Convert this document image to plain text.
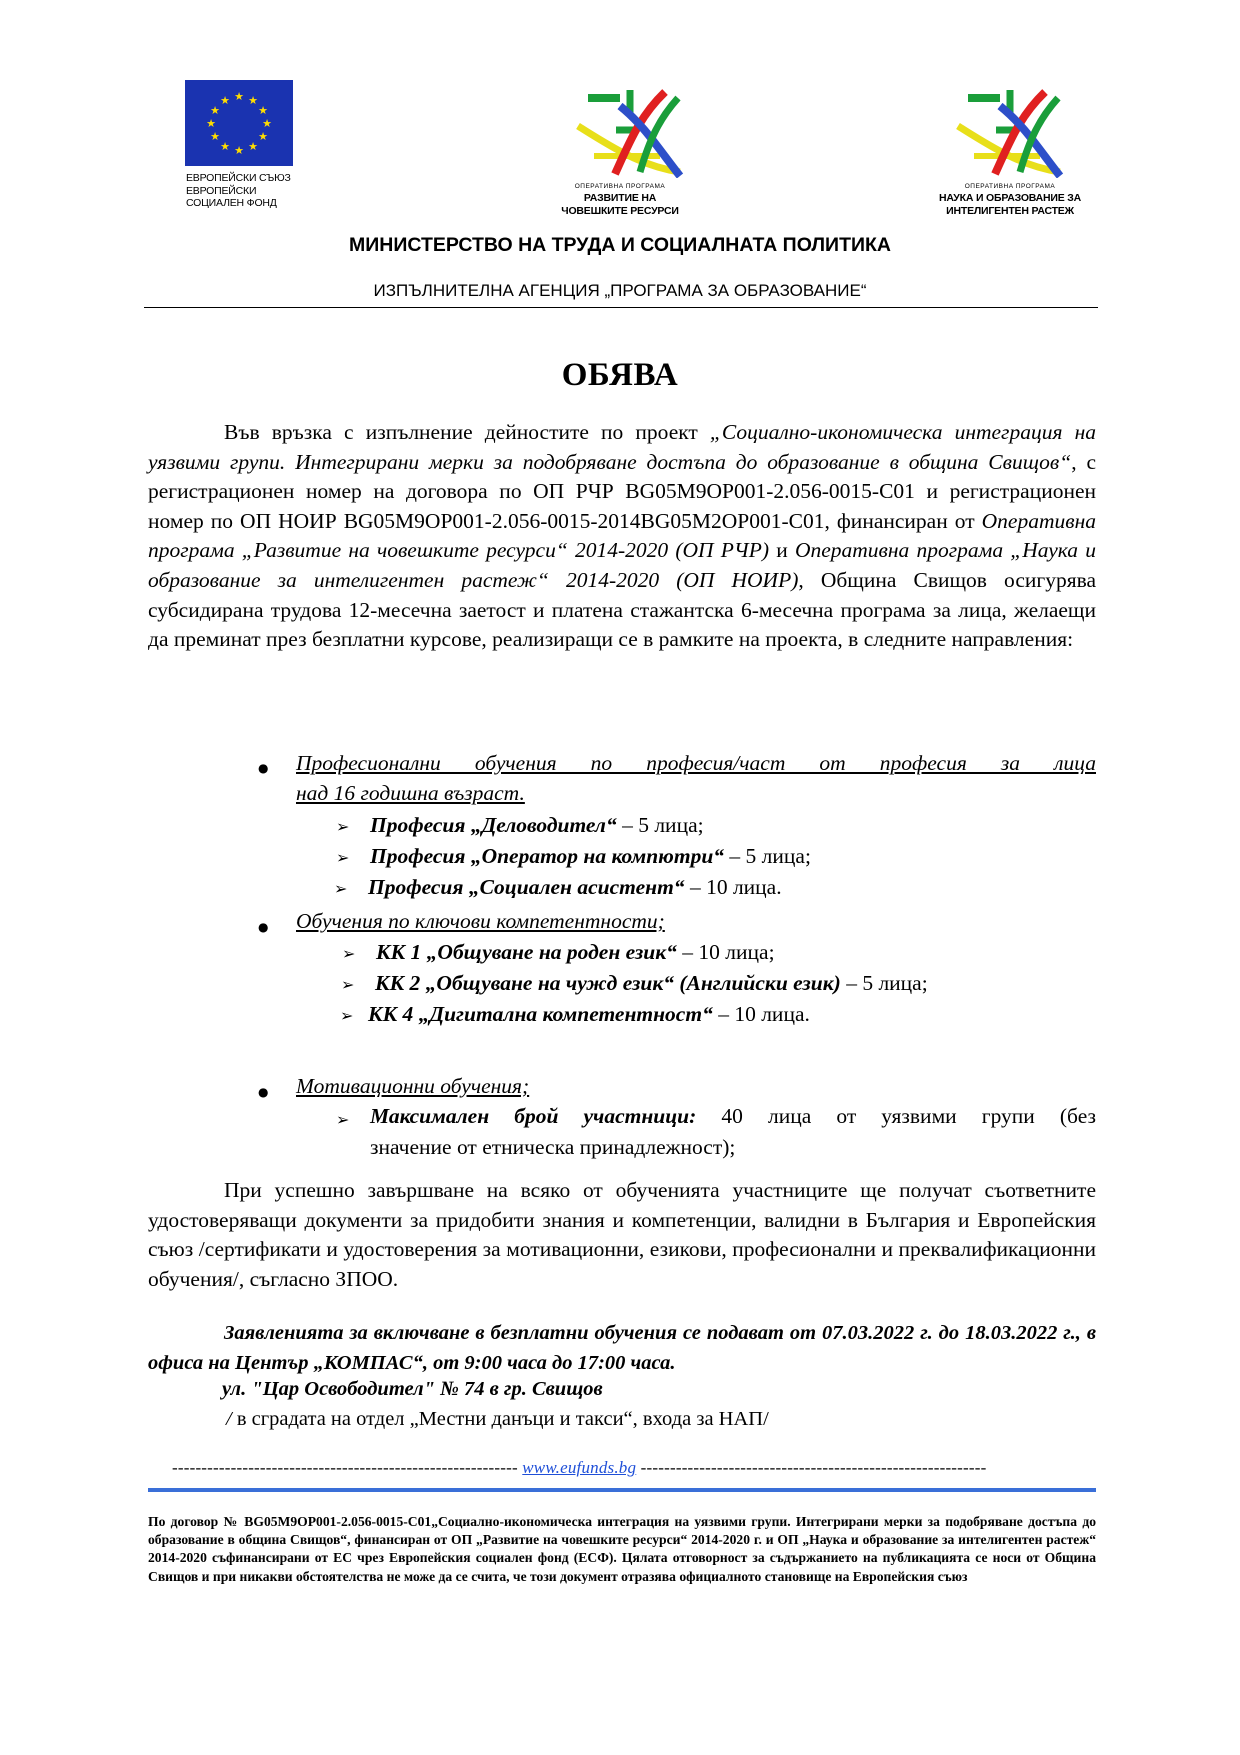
★ ★
★
★
★
★
★
★
★
★
★
★
ЕВРОПЕЙСКИ СЪЮЗ
ЕВРОПЕЙСКИ
СОЦИАЛЕН ФОНД
ОПЕРАТИВНА ПРОГРАМА
РАЗВИТИЕ НА
ЧОВЕШКИТЕ РЕСУРСИ
ОПЕРАТИВНА ПРОГРАМА
НАУКА И ОБРАЗОВАНИЕ ЗА
ИНТЕЛИГЕНТЕН РАСТЕЖ
МИНИСТЕРСТВО НА ТРУДА И СОЦИАЛНАТА ПОЛИТИКА
ИЗПЪЛНИТЕЛНА АГЕНЦИЯ „ПРОГРАМА ЗА ОБРАЗОВАНИЕ“
ОБЯВА

Във връзка с изпълнение дейностите по проект „Социално-икономическа интеграция на уязвими групи. Интегрирани мерки за подобряване достъпа до образование в община Свищов“, с регистрационен номер на договора по ОП РЧР BG05M9OP001-2.056-0015-C01 и регистрационен номер по ОП НОИР BG05M9OP001-2.056-0015-2014BG05M2OP001-C01, финансиран от Оперативна програма „Развитие на човешките ресурси“ 2014-2020 (ОП РЧР) и Оперативна програма „Наука и образование за интелигентен растеж“ 2014-2020 (ОП НОИР), Община Свищов осигурява субсидирана трудова 12-месечна заетост и платена стажантска 6-месечна програма за лица, желаещи да преминат през безплатни курсове, реализиращи се в рамките на проекта, в следните направления:

● Професионални обучения по професия/част от професия за лица
над 16 годишна възраст.
➢ Професия „Деловодител“ – 5 лица;
➢ Професия „Оператор на компютри“ – 5 лица;
➢ Професия „Социален асистент“ – 10 лица.
● Обучения по ключови компетентности;
➢ КК 1 „Общуване на роден език“ – 10 лица;
➢ КК 2 „Общуване на чужд език“ (Английски език) – 5 лица;
➢ КК 4 „Дигитална компетентност“ – 10 лица.
● Мотивационни обучения;
➢ Максимален брой участници: 40 лица от уязвими групи (без
значение от етническа принадлежност);

При успешно завършване на всяко от обученията участниците ще получат съответните удостоверяващи документи за придобити знания и компетенции, валидни в България и Европейския съюз /сертификати и удостоверения за мотивационни, езикови, професионални и преквалификационни обучения/, съгласно ЗПОО.

Заявленията за включване в безплатни обучения се подават от 07.03.2022 г. до 18.03.2022 г., в офиса на Център „КОМПАС“, от 9:00 часа до 17:00 часа.

ул. "Цар Освободител" № 74 в гр. Свищов
/ в сградата на отдел „Местни данъци и такси“, входа за НАП/
----------------------------------------------------------- www.eufunds.bg -----------------------------------------------------------
По договор № BG05M9OP001-2.056-0015-C01„Социално-икономическа интеграция на уязвими групи. Интегрирани мерки за подобряване достъпа до образование в община Свищов“, финансиран от ОП „Развитие на човешките ресурси“ 2014-2020 г. и ОП „Наука и образование за интелигентен растеж“ 2014-2020 съфинансирани от ЕС чрез Европейския социален фонд (ЕСФ). Цялата отговорност за съдържанието на публикацията се носи от Община Свищов и при никакви обстоятелства не може да се счита, че този документ отразява официалното становище на Европейския съюз
